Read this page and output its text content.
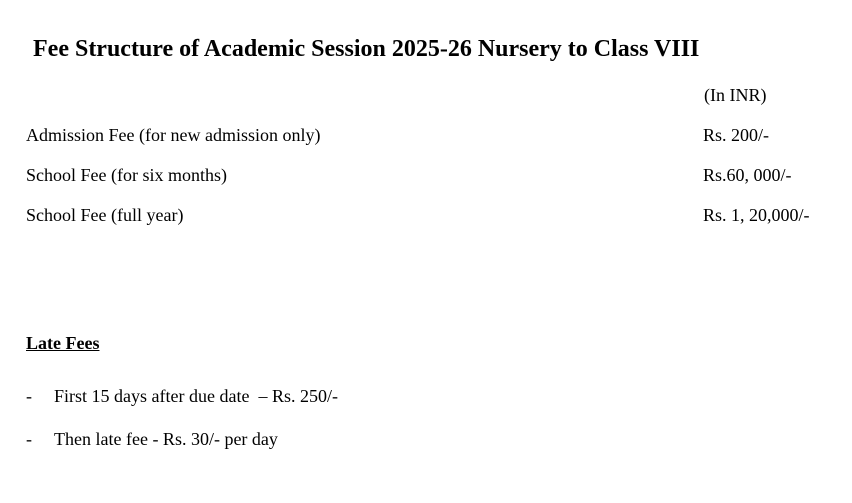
Fee Structure of Academic Session 2025-26 Nursery to Class VIII
(In INR)
Admission Fee (for new admission only)	Rs. 200/-
School Fee (for six months)	Rs.60, 000/-
School Fee (full year)	Rs. 1, 20,000/-
Late Fees
- First 15 days after due date  – Rs. 250/-
- Then late fee - Rs. 30/- per day
